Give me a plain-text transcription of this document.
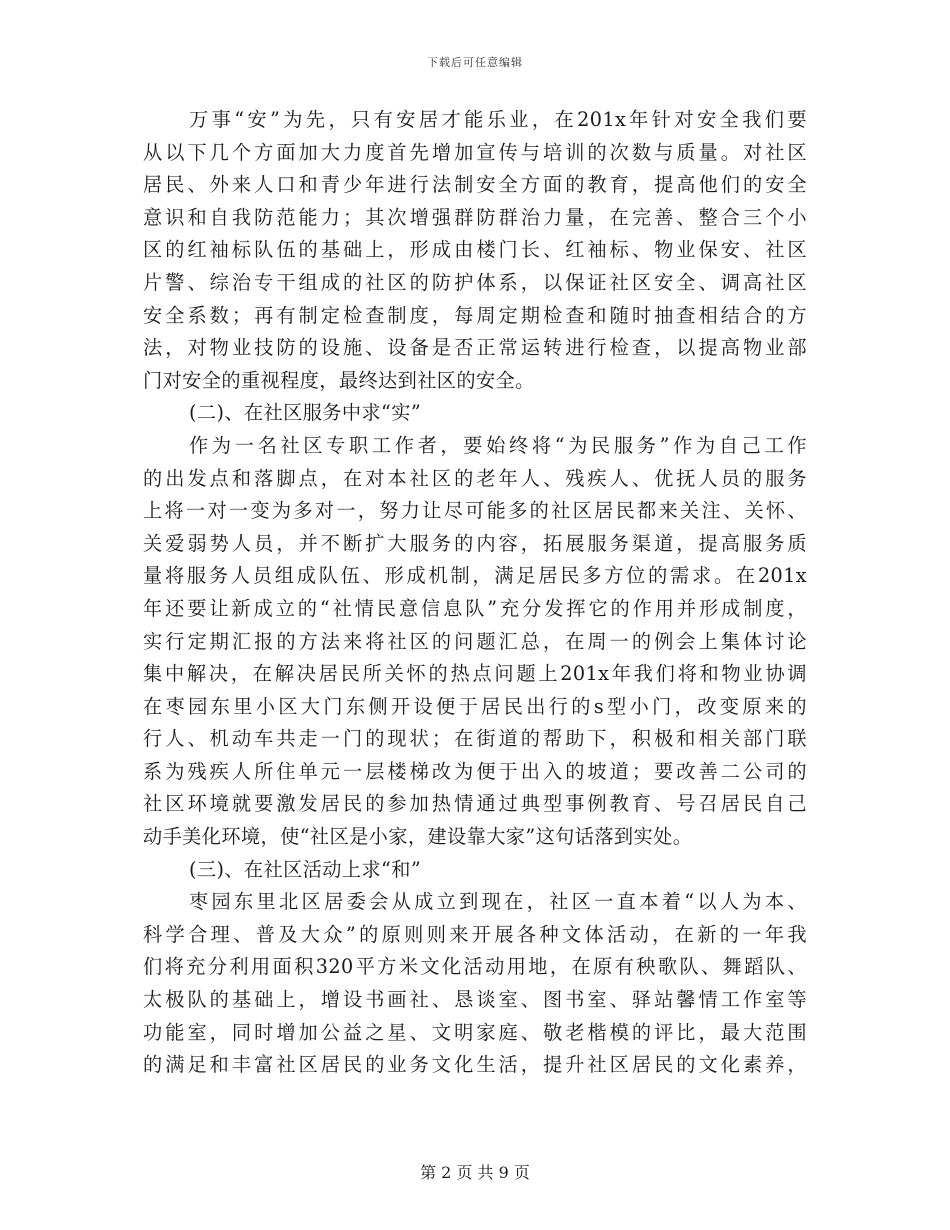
下载后可任意编辑
万事“安”为先，只有安居才能乐业，在201x年针对安全我们要
从以下几个方面加大力度首先增加宣传与培训的次数与质量。对社区
居民、外来人口和青少年进行法制安全方面的教育，提高他们的安全
意识和自我防范能力；其次增强群防群治力量，在完善、整合三个小
区的红袖标队伍的基础上，形成由楼门长、红袖标、物业保安、社区
片警、综治专干组成的社区的防护体系，以保证社区安全、调高社区
安全系数；再有制定检查制度，每周定期检查和随时抽查相结合的方
法，对物业技防的设施、设备是否正常运转进行检查，以提高物业部
门对安全的重视程度，最终达到社区的安全。
(二)、在社区服务中求“实”
作为一名社区专职工作者，要始终将“为民服务”作为自己工作
的出发点和落脚点，在对本社区的老年人、残疾人、优抚人员的服务
上将一对一变为多对一，努力让尽可能多的社区居民都来关注、关怀、
关爱弱势人员，并不断扩大服务的内容，拓展服务渠道，提高服务质
量将服务人员组成队伍、形成机制，满足居民多方位的需求。在201x
年还要让新成立的“社情民意信息队”充分发挥它的作用并形成制度，
实行定期汇报的方法来将社区的问题汇总，在周一的例会上集体讨论
集中解决，在解决居民所关怀的热点问题上201x年我们将和物业协调
在枣园东里小区大门东侧开设便于居民出行的s型小门，改变原来的
行人、机动车共走一门的现状；在街道的帮助下，积极和相关部门联
系为残疾人所住单元一层楼梯改为便于出入的坡道；要改善二公司的
社区环境就要激发居民的参加热情通过典型事例教育、号召居民自己
动手美化环境，使“社区是小家，建设靠大家”这句话落到实处。
(三)、在社区活动上求“和”
枣园东里北区居委会从成立到现在，社区一直本着“以人为本、
科学合理、普及大众”的原则则来开展各种文体活动，在新的一年我
们将充分利用面积320平方米文化活动用地，在原有秧歌队、舞蹈队、
太极队的基础上，增设书画社、恳谈室、图书室、驿站馨情工作室等
功能室，同时增加公益之星、文明家庭、敬老楷模的评比，最大范围
的满足和丰富社区居民的业务文化生活，提升社区居民的文化素养，
第 2 页 共 9 页
